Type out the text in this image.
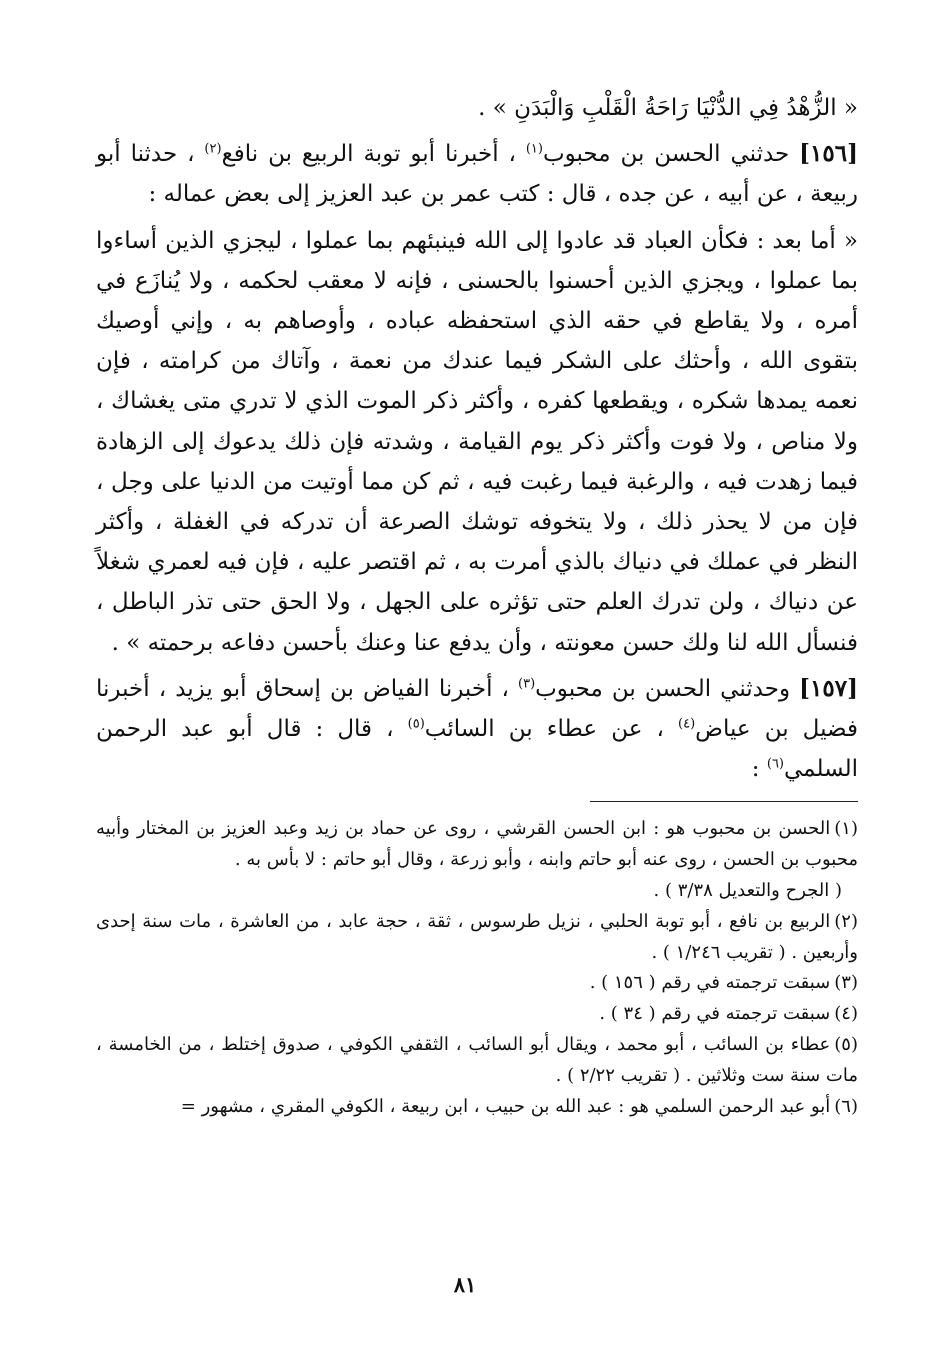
« الزُّهْدُ فِي الدُّنْيَا رَاحَةُ الْقَلْبِ وَالْبَدَنِ » .

[١٥٦] حدثني الحسن بن محبوب$^{(١)}$ ، أخبرنا أبو توبة الربيع بن نافع$^{(٢)}$ ، حدثنا أبو ربيعة ، عن أبيه ، عن جده ، قال : كتب عمر بن عبد العزيز إلى بعض عماله :

« أما بعد : فكأن العباد قد عادوا إلى الله فينبئهم بما عملوا ، ليجزي الذين أساءوا بما عملوا ، ويجزي الذين أحسنوا بالحسنى ، فإنه لا معقب لحكمه ، ولا يُنازَع في أمره ، ولا يقاطع في حقه الذي استحفظه عباده ، وأوصاهم به ، وإني أوصيك بتقوى الله ، وأحثك على الشكر فيما عندك من نعمة ، وآتاك من كرامته ، فإن نعمه يمدها شكره ، ويقطعها كفره ، وأكثر ذكر الموت الذي لا تدري متى يغشاك ، ولا مناص ، ولا فوت وأكثر ذكر يوم القيامة ، وشدته فإن ذلك يدعوك إلى الزهادة فيما زهدت فيه ، والرغبة فيما رغبت فيه ، ثم كن مما أوتيت من الدنيا على وجل ، فإن من لا يحذر ذلك ، ولا يتخوفه توشك الصرعة أن تدركه في الغفلة ، وأكثر النظر في عملك في دنياك بالذي أمرت به ، ثم اقتصر عليه ، فإن فيه لعمري شغلاً عن دنياك ، ولن تدرك العلم حتى تؤثره على الجهل ، ولا الحق حتى تذر الباطل ، فنسأل الله لنا ولك حسن معونته ، وأن يدفع عنا وعنك بأحسن دفاعه برحمته » .

[١٥٧] وحدثني الحسن بن محبوب$^{(٣)}$ ، أخبرنا الفياض بن إسحاق أبو يزيد ، أخبرنا فضيل بن عياض$^{(٤)}$ ، عن عطاء بن السائب$^{(٥)}$ ، قال : قال أبو عبد الرحمن السلمي$^{(٦)}$ :

(١)الحسن بن محبوب هو : ابن الحسن القرشي ، روى عن حماد بن زيد وعبد العزيز بن المختار وأبيه محبوب بن الحسن ، روى عنه أبو حاتم وابنه ، وأبو زرعة ، وقال أبو حاتم : لا بأس به .
( الجرح والتعديل ٣/٣٨ ) .
(٢)الربيع بن نافع ، أبو توبة الحلبي ، نزيل طرسوس ، ثقة ، حجة عابد ، من العاشرة ، مات سنة إحدى وأربعين . ( تقريب ١/٢٤٦ ) .
(٣)سبقت ترجمته في رقم ( ١٥٦ ) .
(٤)سبقت ترجمته في رقم ( ٣٤ ) .
(٥)عطاء بن السائب ، أبو محمد ، ويقال أبو السائب ، الثقفي الكوفي ، صدوق إختلط ، من الخامسة ، مات سنة ست وثلاثين . ( تقريب ٢/٢٢ ) .
(٦)أبو عبد الرحمن السلمي هو : عبد الله بن حبيب ، ابن ربيعة ، الكوفي المقري ، مشهور =
٨١
